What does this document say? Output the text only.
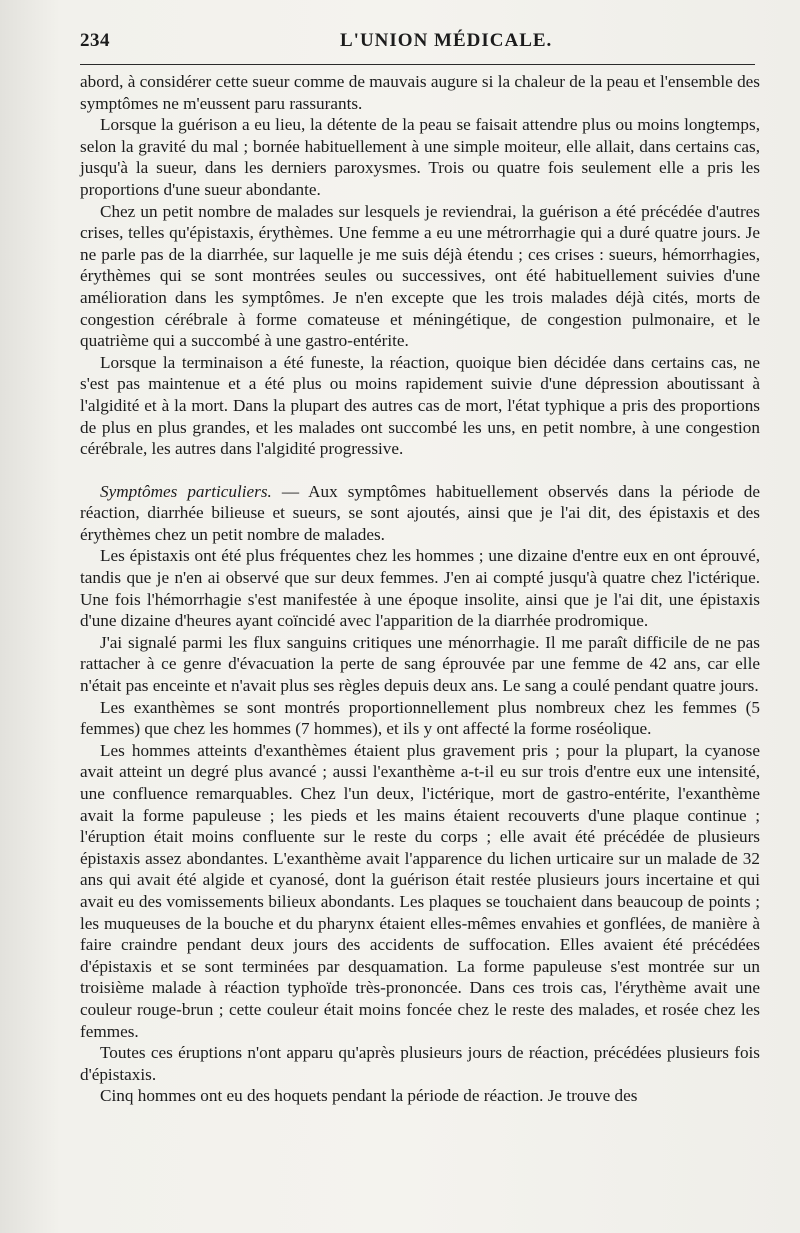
234	L'UNION MÉDICALE.

abord, à considérer cette sueur comme de mauvais augure si la chaleur de la peau et l'ensemble des symptômes ne m'eussent paru rassurants.

Lorsque la guérison a eu lieu, la détente de la peau se faisait attendre plus ou moins longtemps, selon la gravité du mal ; bornée habituellement à une simple moiteur, elle allait, dans certains cas, jusqu'à la sueur, dans les derniers paroxysmes. Trois ou quatre fois seulement elle a pris les proportions d'une sueur abondante.

Chez un petit nombre de malades sur lesquels je reviendrai, la guérison a été précédée d'autres crises, telles qu'épistaxis, érythèmes. Une femme a eu une métrorrhagie qui a duré quatre jours. Je ne parle pas de la diarrhée, sur laquelle je me suis déjà étendu ; ces crises : sueurs, hémorrhagies, érythèmes qui se sont montrées seules ou successives, ont été habituellement suivies d'une amélioration dans les symptômes. Je n'en excepte que les trois malades déjà cités, morts de congestion cérébrale à forme comateuse et méningétique, de congestion pulmonaire, et le quatrième qui a succombé à une gastro-entérite.

Lorsque la terminaison a été funeste, la réaction, quoique bien décidée dans certains cas, ne s'est pas maintenue et a été plus ou moins rapidement suivie d'une dépression aboutissant à l'algidité et à la mort. Dans la plupart des autres cas de mort, l'état typhique a pris des proportions de plus en plus grandes, et les malades ont succombé les uns, en petit nombre, à une congestion cérébrale, les autres dans l'algidité progressive.

Symptômes particuliers. — Aux symptômes habituellement observés dans la période de réaction, diarrhée bilieuse et sueurs, se sont ajoutés, ainsi que je l'ai dit, des épistaxis et des érythèmes chez un petit nombre de malades.

Les épistaxis ont été plus fréquentes chez les hommes ; une dizaine d'entre eux en ont éprouvé, tandis que je n'en ai observé que sur deux femmes. J'en ai compté jusqu'à quatre chez l'ictérique. Une fois l'hémorrhagie s'est manifestée à une époque insolite, ainsi que je l'ai dit, une épistaxis d'une dizaine d'heures ayant coïncidé avec l'apparition de la diarrhée prodromique.

J'ai signalé parmi les flux sanguins critiques une ménorrhagie. Il me paraît difficile de ne pas rattacher à ce genre d'évacuation la perte de sang éprouvée par une femme de 42 ans, car elle n'était pas enceinte et n'avait plus ses règles depuis deux ans. Le sang a coulé pendant quatre jours.

Les exanthèmes se sont montrés proportionnellement plus nombreux chez les femmes (5 femmes) que chez les hommes (7 hommes), et ils y ont affecté la forme roséolique.

Les hommes atteints d'exanthèmes étaient plus gravement pris ; pour la plupart, la cyanose avait atteint un degré plus avancé ; aussi l'exanthème a-t-il eu sur trois d'entre eux une intensité, une confluence remarquables. Chez l'un deux, l'ictérique, mort de gastro-entérite, l'exanthème avait la forme papuleuse ; les pieds et les mains étaient recouverts d'une plaque continue ; l'éruption était moins confluente sur le reste du corps ; elle avait été précédée de plusieurs épistaxis assez abondantes. L'exanthème avait l'apparence du lichen urticaire sur un malade de 32 ans qui avait été algide et cyanosé, dont la guérison était restée plusieurs jours incertaine et qui avait eu des vomissements bilieux abondants. Les plaques se touchaient dans beaucoup de points ; les muqueuses de la bouche et du pharynx étaient elles-mêmes envahies et gonflées, de manière à faire craindre pendant deux jours des accidents de suffocation. Elles avaient été précédées d'épistaxis et se sont terminées par desquamation. La forme papuleuse s'est montrée sur un troisième malade à réaction typhoïde très-prononcée. Dans ces trois cas, l'érythème avait une couleur rouge-brun ; cette couleur était moins foncée chez le reste des malades, et rosée chez les femmes.

Toutes ces éruptions n'ont apparu qu'après plusieurs jours de réaction, précédées plusieurs fois d'épistaxis.

Cinq hommes ont eu des hoquets pendant la période de réaction. Je trouve des
